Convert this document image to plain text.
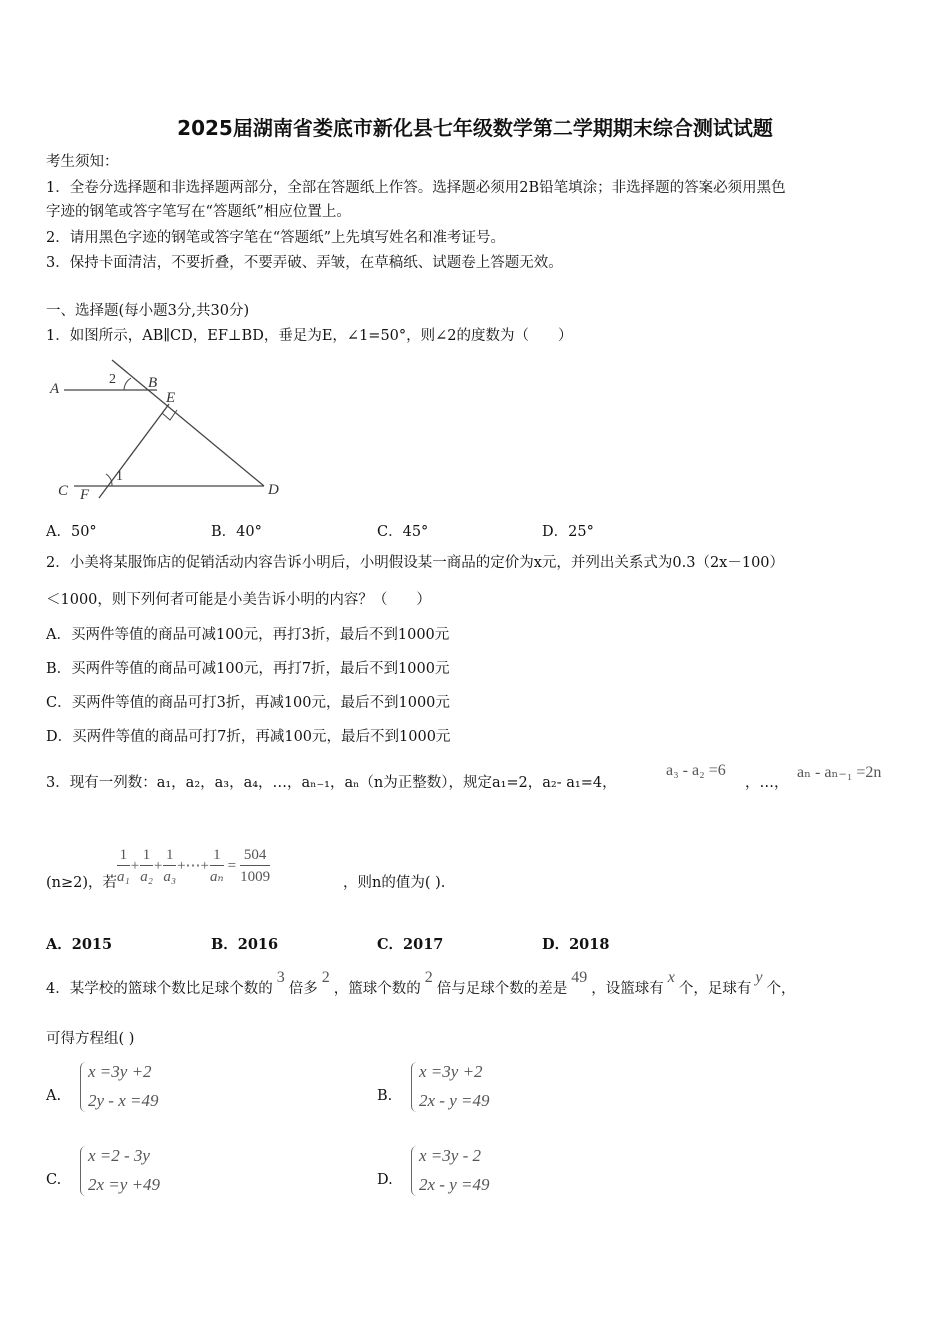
2025届湖南省娄底市新化县七年级数学第二学期期末综合测试试题
考生须知：
1．全卷分选择题和非选择题两部分，全部在答题纸上作答。选择题必须用2B铅笔填涂；非选择题的答案必须用黑色
字迹的钢笔或答字笔写在“答题纸”相应位置上。
2．请用黑色字迹的钢笔或答字笔在“答题纸”上先填写姓名和准考证号。
3．保持卡面清洁，不要折叠，不要弄破、弄皱，在草稿纸、试题卷上答题无效。
一、选择题(每小题3分,共30分)
1．如图所示，AB∥CD，EF⊥BD，垂足为E，∠1=50°，则∠2的度数为（　　）
A	B
E
C F	D
2
1
A．50°	B．40°	C．45°	D．25°
2．小美将某服饰店的促销活动内容告诉小明后，小明假设某一商品的定价为x元，并列出关系式为0.3（2x－100）
＜1000，则下列何者可能是小美告诉小明的内容？（　　）
A．买两件等值的商品可减100元，再打3折，最后不到1000元
B．买两件等值的商品可减100元，再打7折，最后不到1000元
C．买两件等值的商品可打3折，再减100元，最后不到1000元
D．买两件等值的商品可打7折，再减100元，最后不到1000元
3．现有一列数：a₁，a₂，a₃，a₄，…，aₙ₋₁，aₙ（n为正整数），规定a₁=2，a₂- a₁=4，
a₃ - a₂ =6
，…，
aₙ - aₙ₋₁ =2n
(n≥2)，若 $\frac{1}{\text{a₁}} + \frac{1}{\text{a₂}} + \frac{1}{\text{a₃}}$ +⋯+ $\frac{1}{\text{aₙ}} = \frac{504}{1009}$	，则n的值为( ).
A．2015	B．2016	C．2017	D．2018
4．某学校的篮球个数比足球个数的3倍多2，篮球个数的2倍与足球个数的差是49，设篮球有x个，足球有y个，
可得方程组( )
A.
x =3y +2
2y - x =49	B.
x =3y +2
2x - y =49
C.
x =2 - 3y
2x =y +49	D.
x =3y - 2
2x - y =49
